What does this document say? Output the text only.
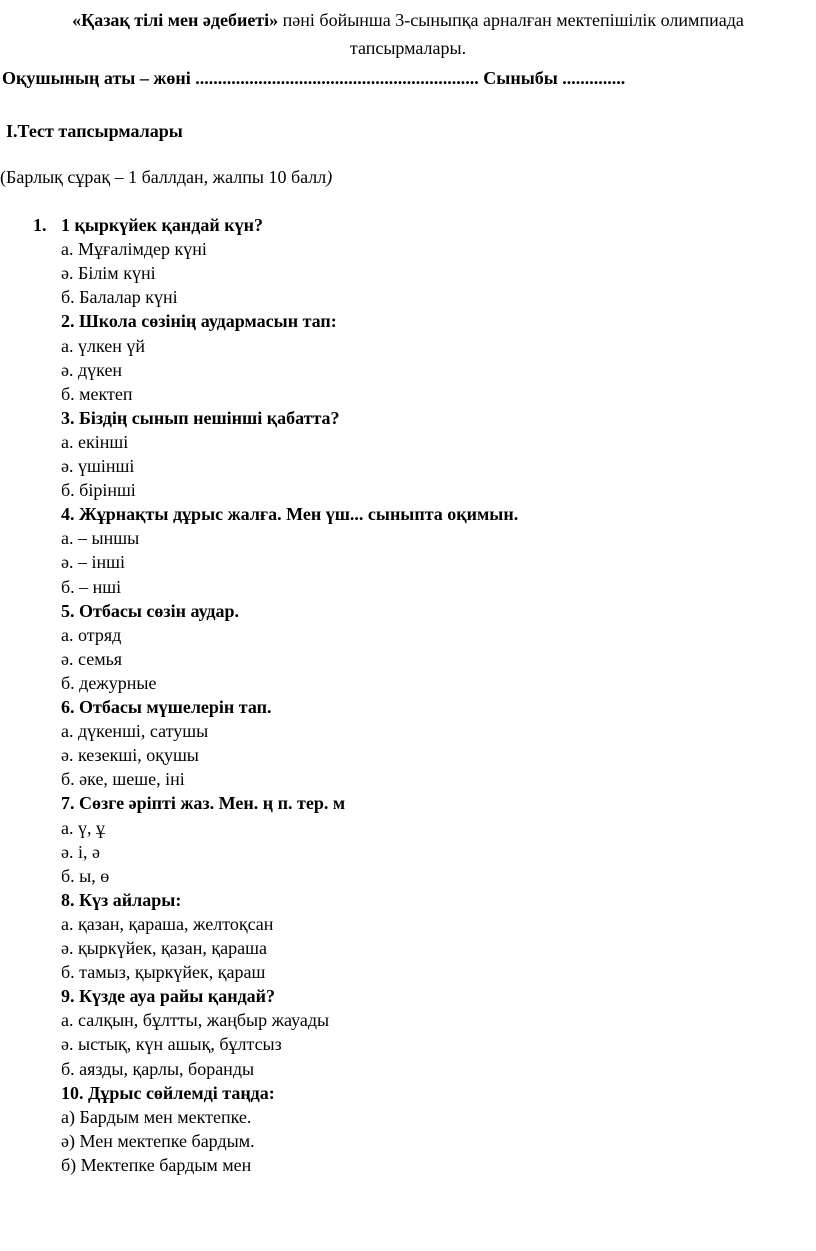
«Қазақ тілі мен әдебиеті» пәні бойынша 3-сыныпқа арналған мектепішілік олимпиада
тапсырмалары.
Оқушының аты – жөні ............................................................... Сыныбы ..............
І.Тест тапсырмалары
(Барлық сұрақ – 1 баллдан, жалпы 10 балл)
1. 1 қыркүйек қандай күн?
а. Мұғалімдер күні
ә. Білім күні
б. Балалар күні
2. Школа сөзінің аудармасын тап:
а. үлкен үй
ә. дүкен
б. мектеп
3. Біздің сынып нешінші қабатта?
а. екінші
ә. үшінші
б. бірінші
4. Жұрнақты дұрыс жалға. Мен үш... сыныпта оқимын.
а. – ыншы
ә. – інші
б. – нші
5. Отбасы сөзін аудар.
а. отряд
ә. семья
б. дежурные
6. Отбасы мүшелерін тап.
а. дүкенші, сатушы
ә. кезекші, оқушы
б. әке, шеше, іні
7. Сөзге әріпті жаз. Мен. ң п. тер. м
а. ү, ұ
ә. і, ә
б. ы, ө
8. Күз айлары:
а. қазан, қараша, желтоқсан
ә. қыркүйек, қазан, қараша
б. тамыз, қыркүйек, қараш
9. Күзде ауа райы қандай?
а. салқын, бұлтты, жаңбыр жауады
ә. ыстық, күн ашық, бұлтсыз
б. аязды, қарлы, боранды
10. Дұрыс сөйлемді таңда:
а) Бардым мен мектепке.
ә) Мен мектепке бардым.
б) Мектепке бардым мен
